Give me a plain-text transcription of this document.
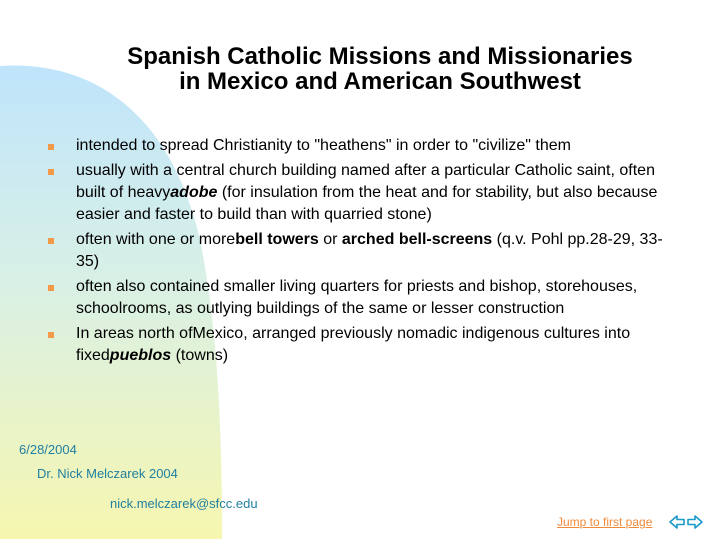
Spanish Catholic Missions and Missionaries
in Mexico and American Southwest
intended to spread Christianity to "heathens" in order to "civilize" them
usually with a central church building named after a particular Catholic saint, often built of heavyadobe (for insulation from the heat and for stability, but also because easier and faster to build than with quarried stone)
often with one or morebell towers or arched bell-screens (q.v. Pohl pp.28-29, 33-35)
often also contained smaller living quarters for priests and bishop, storehouses, schoolrooms, as outlying buildings of the same or lesser construction
In areas north ofMexico, arranged previously nomadic indigenous cultures into fixedpueblos (towns)
6/28/2004
Dr. Nick Melczarek 2004
nick.melczarek@sfcc.edu
Jump to first page
